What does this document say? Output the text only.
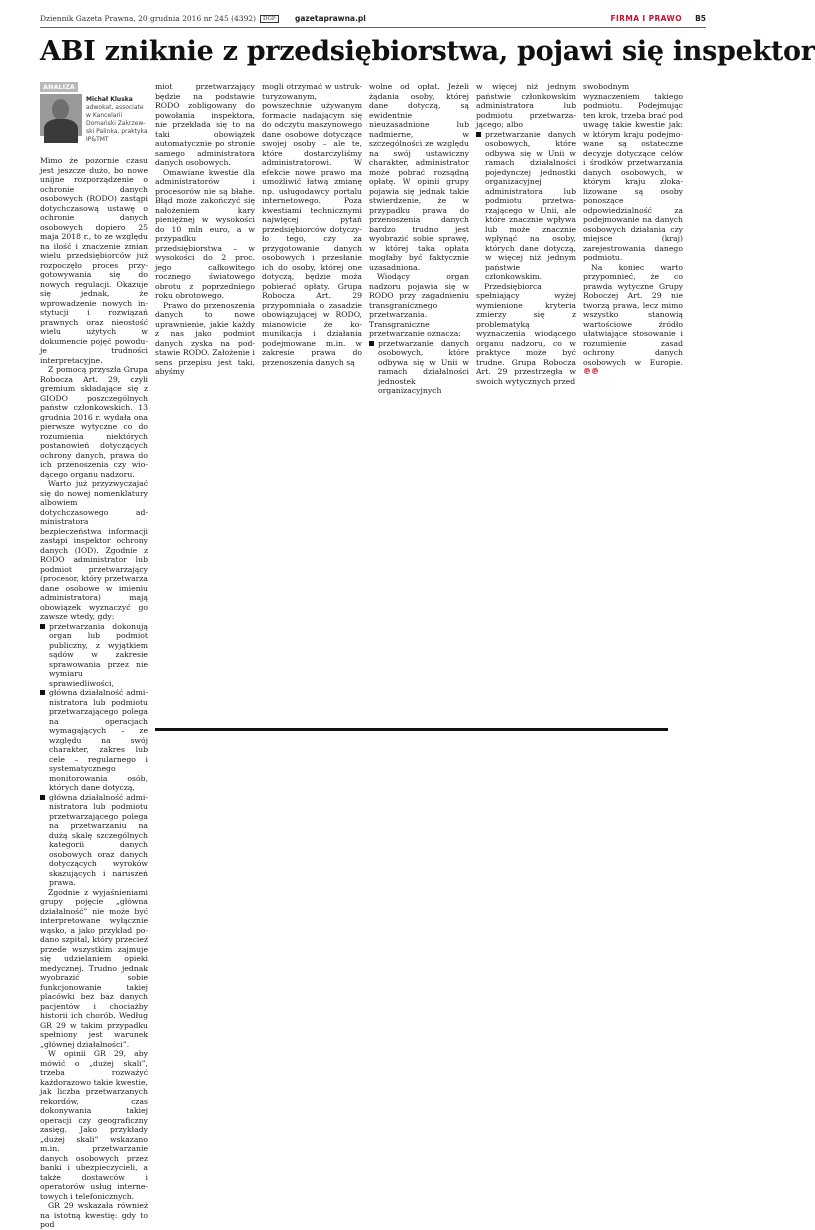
Dziennik Gazeta Prawna, 20 grudnia 2016 nr 245 (4392) DGP	gazetaprawna.pl	FIRMA I PRAWO B5
ABI zniknie z przedsiębiorstwa, pojawi się inspektor
ANALIZA
Michał Kluska
adwokat, associate w Kancelarii Domański Zakrzewski Palinka, praktyka IP&TMT

Mimo że pozornie czasu jest jeszcze dużo, bo nowe unijne rozporządzenie o ochronie danych osobowych (RODO) zastąpi dotychczasową ustawę o ochronie danych osobowych dopiero 25 maja 2018 r., to ze względu na ilość i znaczenie zmian wielu przedsiębiorców już rozpoczęło proces przygotowywania się do nowych regulacji. Okazuje się jednak, że wprowadzenie nowych instytucji i rozwiązań prawnych oraz nieostość wielu użytych w dokumencie pojęć powoduje trudności interpretacyjne.

Z pomocą przyszła Grupa Robocza Art. 29, czyli gremium składające się z GIODO poszczególnych państw członkowskich. 13 grudnia 2016 r. wydała ona pierwsze wytyczne co do rozumienia niektórych postanowień dotyczących ochrony danych, prawa do ich przenoszenia czy wiodącego organu nadzoru.

Warto już przyzwyczajać się do nowej nomenklatury albowiem dotychczasowego administratora bezpieczeństwa informacji zastąpi inspektor ochrony danych (IOD). Zgodnie z RODO administrator lub podmiot przetwarzający (procesor, który przetwarza dane osobowe w imieniu administratora) mają obowiązek wyznaczyć go zawsze wtedy, gdy:

przetwarzania dokonują organ lub podmiot publiczny, z wyjątkiem sądów w zakresie sprawowania przez nie wymiaru sprawiedliwości,
główna działalność administratora lub podmiotu przetwarzającego polega na operacjach wymagających – ze względu na swój charakter, zakres lub cele – regularnego i systematycznego monitorowania osób, których dane dotyczą,
główna działalność administratora lub podmiotu przetwarzającego polega na przetwarzaniu na dużą skalę szczególnych kategorii danych osobowych oraz danych dotyczących wyroków skazujących i naruszeń prawa.

Zgodnie z wyjaśnieniami grupy pojęcie „główna działalność” nie może być interpretowane wyłącznie wąsko, a jako przykład podano szpital, który przecież przede wszystkim zajmuje się udzielaniem opieki medycznej. Trudno jednak wyobrazić sobie funkcjonowanie takiej placówki bez baz danych pacjentów i chociażby historii ich chorób. Według GR 29 w takim przypadku spełniony jest warunek „głównej działalności”.

W opinii GR 29, aby mówić o „dużej skali”, trzeba rozważyć każdorazowo takie kwestie, jak liczba przetwarzanych rekordów, czas dokonywania takiej operacji czy geograficzny zasięg. Jako przykłady „dużej skali” wskazano m.in. przetwarzanie danych osobowych przez banki i ubezpieczycieli, a także dostawców i operatorów usług internetowych i telefonicznych.

GR 29 wskazała również na istotną kwestię: gdy to pod

miot przetwarzający będzie na podstawie RODO zobligowany do powołania inspektora, nie przekłada się to na taki obowiązek automatycznie po stronie samego administratora danych osobowych.

Omawiane kwestie dla administratorów i procesorów nie są błahe. Błąd może zakończyć się nałożeniem kary pieniężnej w wysokości do 10 mln euro, a w przypadku przedsiębiorstwa – w wysokości do 2 proc. jego całkowitego rocznego światowego obrotu z poprzedniego roku obrotowego.

Prawo do przenoszenia danych to nowe uprawnienie, jakie każdy z nas jako podmiot danych zyska na podstawie RODO. Założenie i sens przepisu jest taki, abyśmy

mogli otrzymać w ustrukturyzowanym, powszechnie używanym formacie nadającym się do odczytu maszynowego dane osobowe dotyczące swojej osoby – ale te, które dostarczyliśmy administratorowi. W efekcie nowe prawo ma umożliwić łatwą zmianę np. usługodawcy portalu internetowego. Poza kwestiami technicznymi najwięcej pytań przedsiębiorców dotyczyło tego, czy za przygotowanie danych osobowych i przesłanie ich do osoby, której one dotyczą, będzie moża pobierać opłaty. Grupa Robocza Art. 29 przypomniała o zasadzie obowiązującej w RODO, mianowicie że komunikacja i działania podejmowane m.in. w zakresie prawa do przenoszenia danych są

wolne od opłat. Jeżeli żądania osoby, której dane dotyczą, są ewidentnie nieuzasadnione lub nadmierne, w szczególności ze względu na swój ustawiczny charakter, administrator może pobrać rozsądną opłatę. W opinii grupy pojawia się jednak takie stwierdzenie, że w przypadku prawa do przenoszenia danych bardzo trudno jest wyobrazić sobie sprawę, w której taka opłata mogłaby być faktycznie uzasadniona.

Wiodący organ nadzoru pojawia się w RODO przy zagadnieniu transgranicznego przetwarzania. Transgraniczne przetwarzanie oznacza:

przetwarzanie danych osobowych, które odbywa się w Unii w ramach działalności jednostek organizacyjnych

w więcej niż jednym państwie członkowskim administratora lub podmiotu przetwarzającego; albo

przetwarzanie danych osobowych, które odbywa się w Unii w ramach działalności pojedynczej jednostki organizacyjnej administratora lub podmiotu przetwarzającego w Unii, ale które znacznie wpływa lub może znacznie wpłynąć na osoby, których dane dotyczą, w więcej niż jednym państwie członkowskim.

Przedsiębiorca spełniający wyżej wymienione kryteria zmierzy się z problematyką wyznaczenia wiodącego organu nadzoru, co w praktyce może być trudne. Grupa Robocza Art. 29 przestrzegła w swoich wytycznych przed

swobodnym wyznaczeniem takiego podmiotu. Podejmując ten krok, trzeba brać pod uwagę takie kwestie jak: w którym kraju podejmowane są ostateczne decyzje dotyczące celów i środków przetwarzania danych osobowych, w którym kraju zlokalizowane są osoby ponoszące odpowiedzialność za podejmowanie na danych osobowych działania czy miejsce (kraj) zarejestrowania danego podmiotu.

Na koniec warto przypomnieć, że co prawda wytyczne Grupy Roboczej Art. 29 nie tworzą prawa, lecz mimo wszystko stanowią wartościowe źródło ułatwiające stosowanie i rozumienie zasad ochrony danych osobowych w Europie. ℗℗
